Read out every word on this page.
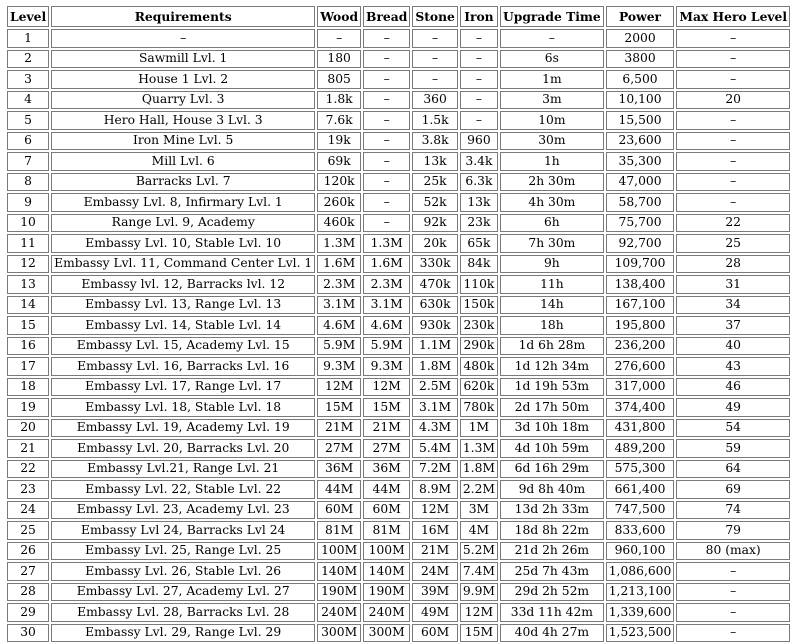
Level	Requirements	Wood	Bread	Stone	Iron	Upgrade Time	Power	Max Hero Level
1	–	–	–	–	–	–	2000	–
2	Sawmill Lvl. 1	180	–	–	–	6s	3800	–
3	House 1 Lvl. 2	805	–	–	–	1m	6,500	–
4	Quarry Lvl. 3	1.8k	–	360	–	3m	10,100	20
5	Hero Hall, House 3 Lvl. 3	7.6k	–	1.5k	–	10m	15,500	–
6	Iron Mine Lvl. 5	19k	–	3.8k	960	30m	23,600	–
7	Mill Lvl. 6	69k	–	13k	3.4k	1h	35,300	–
8	Barracks Lvl. 7	120k	–	25k	6.3k	2h 30m	47,000	–
9	Embassy Lvl. 8, Infirmary Lvl. 1	260k	–	52k	13k	4h 30m	58,700	–
10	Range Lvl. 9, Academy	460k	–	92k	23k	6h	75,700	22
11	Embassy Lvl. 10, Stable Lvl. 10	1.3M	1.3M	20k	65k	7h 30m	92,700	25
12	Embassy Lvl. 11, Command Center Lvl. 1	1.6M	1.6M	330k	84k	9h	109,700	28
13	Embassy lvl. 12, Barracks lvl. 12	2.3M	2.3M	470k	110k	11h	138,400	31
14	Embassy Lvl. 13, Range Lvl. 13	3.1M	3.1M	630k	150k	14h	167,100	34
15	Embassy Lvl. 14, Stable Lvl. 14	4.6M	4.6M	930k	230k	18h	195,800	37
16	Embassy Lvl. 15, Academy Lvl. 15	5.9M	5.9M	1.1M	290k	1d 6h 28m	236,200	40
17	Embassy Lvl. 16, Barracks Lvl. 16	9.3M	9.3M	1.8M	480k	1d 12h 34m	276,600	43
18	Embassy Lvl. 17, Range Lvl. 17	12M	12M	2.5M	620k	1d 19h 53m	317,000	46
19	Embassy Lvl. 18, Stable Lvl. 18	15M	15M	3.1M	780k	2d 17h 50m	374,400	49
20	Embassy Lvl. 19, Academy Lvl. 19	21M	21M	4.3M	1M	3d 10h 18m	431,800	54
21	Embassy Lvl. 20, Barracks Lvl. 20	27M	27M	5.4M	1.3M	4d 10h 59m	489,200	59
22	Embassy Lvl.21, Range Lvl. 21	36M	36M	7.2M	1.8M	6d 16h 29m	575,300	64
23	Embassy Lvl. 22, Stable Lvl. 22	44M	44M	8.9M	2.2M	9d 8h 40m	661,400	69
24	Embassy Lvl. 23, Academy Lvl. 23	60M	60M	12M	3M	13d 2h 33m	747,500	74
25	Embassy Lvl 24, Barracks Lvl 24	81M	81M	16M	4M	18d 8h 22m	833,600	79
26	Embassy Lvl. 25, Range Lvl. 25	100M	100M	21M	5.2M	21d 2h 26m	960,100	80 (max)
27	Embassy Lvl. 26, Stable Lvl. 26	140M	140M	24M	7.4M	25d 7h 43m	1,086,600	–
28	Embassy Lvl. 27, Academy Lvl. 27	190M	190M	39M	9.9M	29d 2h 52m	1,213,100	–
29	Embassy Lvl. 28, Barracks Lvl. 28	240M	240M	49M	12M	33d 11h 42m	1,339,600	–
30	Embassy Lvl. 29, Range Lvl. 29	300M	300M	60M	15M	40d 4h 27m	1,523,500	–
